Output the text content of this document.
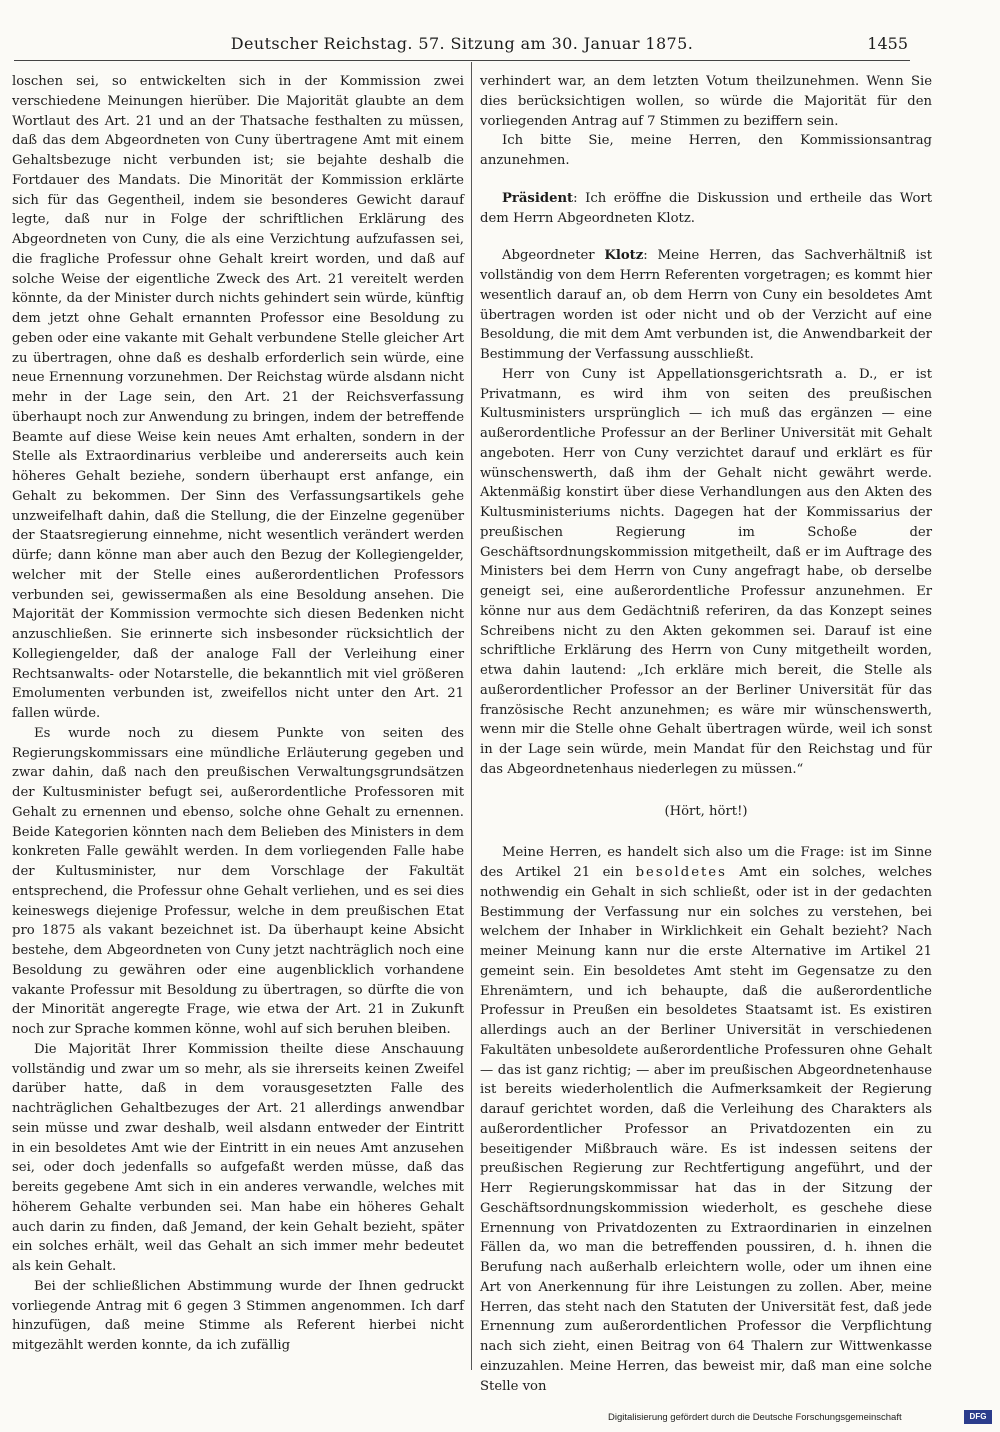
Deutscher Reichstag. 57. Sitzung am 30. Januar 1875.	1455

loschen sei, so entwickelten sich in der Kommission zwei verschiedene Meinungen hierüber. Die Majorität glaubte an dem Wortlaut des Art. 21 und an der Thatsache festhalten zu müssen, daß das dem Abgeordneten von Cuny übertragene Amt mit einem Gehaltsbezuge nicht verbunden ist; sie bejahte deshalb die Fortdauer des Mandats. Die Minorität der Kommission erklärte sich für das Gegentheil, indem sie besonderes Gewicht darauf legte, daß nur in Folge der schriftlichen Erklärung des Abgeordneten von Cuny, die als eine Verzichtung aufzufassen sei, die fragliche Professur ohne Gehalt kreirt worden, und daß auf solche Weise der eigentliche Zweck des Art. 21 vereitelt werden könnte, da der Minister durch nichts gehindert sein würde, künftig dem jetzt ohne Gehalt ernannten Professor eine Besoldung zu geben oder eine vakante mit Gehalt verbundene Stelle gleicher Art zu übertragen, ohne daß es deshalb erforderlich sein würde, eine neue Ernennung vorzunehmen. Der Reichstag würde alsdann nicht mehr in der Lage sein, den Art. 21 der Reichsverfassung überhaupt noch zur Anwendung zu bringen, indem der betreffende Beamte auf diese Weise kein neues Amt erhalten, sondern in der Stelle als Extraordinarius verbleibe und andererseits auch kein höheres Gehalt beziehe, sondern überhaupt erst anfange, ein Gehalt zu bekommen. Der Sinn des Verfassungsartikels gehe unzweifelhaft dahin, daß die Stellung, die der Einzelne gegenüber der Staatsregierung einnehme, nicht wesentlich verändert werden dürfe; dann könne man aber auch den Bezug der Kollegiengelder, welcher mit der Stelle eines außerordentlichen Professors verbunden sei, gewissermaßen als eine Besoldung ansehen. Die Majorität der Kommission vermochte sich diesen Bedenken nicht anzuschließen. Sie erinnerte sich insbesonder rücksichtlich der Kollegiengelder, daß der analoge Fall der Verleihung einer Rechtsanwalts- oder Notarstelle, die bekanntlich mit viel größeren Emolumenten verbunden ist, zweifellos nicht unter den Art. 21 fallen würde.

Es wurde noch zu diesem Punkte von seiten des Regierungskommissars eine mündliche Erläuterung gegeben und zwar dahin, daß nach den preußischen Verwaltungsgrundsätzen der Kultusminister befugt sei, außerordentliche Professoren mit Gehalt zu ernennen und ebenso, solche ohne Gehalt zu ernennen. Beide Kategorien könnten nach dem Belieben des Ministers in dem konkreten Falle gewählt werden. In dem vorliegenden Falle habe der Kultusminister, nur dem Vorschlage der Fakultät entsprechend, die Professur ohne Gehalt verliehen, und es sei dies keineswegs diejenige Professur, welche in dem preußischen Etat pro 1875 als vakant bezeichnet ist. Da überhaupt keine Absicht bestehe, dem Abgeordneten von Cuny jetzt nachträglich noch eine Besoldung zu gewähren oder eine augenblicklich vorhandene vakante Professur mit Besoldung zu übertragen, so dürfte die von der Minorität angeregte Frage, wie etwa der Art. 21 in Zukunft noch zur Sprache kommen könne, wohl auf sich beruhen bleiben.

Die Majorität Ihrer Kommission theilte diese Anschauung vollständig und zwar um so mehr, als sie ihrerseits keinen Zweifel darüber hatte, daß in dem vorausgesetzten Falle des nachträglichen Gehaltbezuges der Art. 21 allerdings anwendbar sein müsse und zwar deshalb, weil alsdann entweder der Eintritt in ein besoldetes Amt wie der Eintritt in ein neues Amt anzusehen sei, oder doch jedenfalls so aufgefaßt werden müsse, daß das bereits gegebene Amt sich in ein anderes verwandle, welches mit höherem Gehalte verbunden sei. Man habe ein höheres Gehalt auch darin zu finden, daß Jemand, der kein Gehalt bezieht, später ein solches erhält, weil das Gehalt an sich immer mehr bedeutet als kein Gehalt.

Bei der schließlichen Abstimmung wurde der Ihnen gedruckt vorliegende Antrag mit 6 gegen 3 Stimmen angenommen. Ich darf hinzufügen, daß meine Stimme als Referent hierbei nicht mitgezählt werden konnte, da ich zufällig

verhindert war, an dem letzten Votum theilzunehmen. Wenn Sie dies berücksichtigen wollen, so würde die Majorität für den vorliegenden Antrag auf 7 Stimmen zu beziffern sein.

Ich bitte Sie, meine Herren, den Kommissionsantrag anzunehmen.

Präsident: Ich eröffne die Diskussion und ertheile das Wort dem Herrn Abgeordneten Klotz.

Abgeordneter Klotz: Meine Herren, das Sachverhältniß ist vollständig von dem Herrn Referenten vorgetragen; es kommt hier wesentlich darauf an, ob dem Herrn von Cuny ein besoldetes Amt übertragen worden ist oder nicht und ob der Verzicht auf eine Besoldung, die mit dem Amt verbunden ist, die Anwendbarkeit der Bestimmung der Verfassung ausschließt.

Herr von Cuny ist Appellationsgerichtsrath a. D., er ist Privatmann, es wird ihm von seiten des preußischen Kultusministers ursprünglich — ich muß das ergänzen — eine außerordentliche Professur an der Berliner Universität mit Gehalt angeboten. Herr von Cuny verzichtet darauf und erklärt es für wünschenswerth, daß ihm der Gehalt nicht gewährt werde. Aktenmäßig konstirt über diese Verhandlungen aus den Akten des Kultusministeriums nichts. Dagegen hat der Kommissarius der preußischen Regierung im Schoße der Geschäftsordnungskommission mitgetheilt, daß er im Auftrage des Ministers bei dem Herrn von Cuny angefragt habe, ob derselbe geneigt sei, eine außerordentliche Professur anzunehmen. Er könne nur aus dem Gedächtniß referiren, da das Konzept seines Schreibens nicht zu den Akten gekommen sei. Darauf ist eine schriftliche Erklärung des Herrn von Cuny mitgetheilt worden, etwa dahin lautend: „Ich erkläre mich bereit, die Stelle als außerordentlicher Professor an der Berliner Universität für das französische Recht anzunehmen; es wäre mir wünschenswerth, wenn mir die Stelle ohne Gehalt übertragen würde, weil ich sonst in der Lage sein würde, mein Mandat für den Reichstag und für das Abgeordnetenhaus niederlegen zu müssen.“

(Hört, hört!)

Meine Herren, es handelt sich also um die Frage: ist im Sinne des Artikel 21 ein besoldetes Amt ein solches, welches nothwendig ein Gehalt in sich schließt, oder ist in der gedachten Bestimmung der Verfassung nur ein solches zu verstehen, bei welchem der Inhaber in Wirklichkeit ein Gehalt bezieht? Nach meiner Meinung kann nur die erste Alternative im Artikel 21 gemeint sein. Ein besoldetes Amt steht im Gegensatze zu den Ehrenämtern, und ich behaupte, daß die außerordentliche Professur in Preußen ein besoldetes Staatsamt ist. Es existiren allerdings auch an der Berliner Universität in verschiedenen Fakultäten unbesoldete außerordentliche Professuren ohne Gehalt — das ist ganz richtig; — aber im preußischen Abgeordnetenhause ist bereits wiederholentlich die Aufmerksamkeit der Regierung darauf gerichtet worden, daß die Verleihung des Charakters als außerordentlicher Professor an Privatdozenten ein zu beseitigender Mißbrauch wäre. Es ist indessen seitens der preußischen Regierung zur Rechtfertigung angeführt, und der Herr Regierungskommissar hat das in der Sitzung der Geschäftsordnungskommission wiederholt, es geschehe diese Ernennung von Privatdozenten zu Extraordinarien in einzelnen Fällen da, wo man die betreffenden poussiren, d. h. ihnen die Berufung nach außerhalb erleichtern wolle, oder um ihnen eine Art von Anerkennung für ihre Leistungen zu zollen. Aber, meine Herren, das steht nach den Statuten der Universität fest, daß jede Ernennung zum außerordentlichen Professor die Verpflichtung nach sich zieht, einen Beitrag von 64 Thalern zur Wittwenkasse einzuzahlen. Meine Herren, das beweist mir, daß man eine solche Stelle von

Digitalisierung gefördert durch die Deutsche Forschungsgemeinschaft	DFG
